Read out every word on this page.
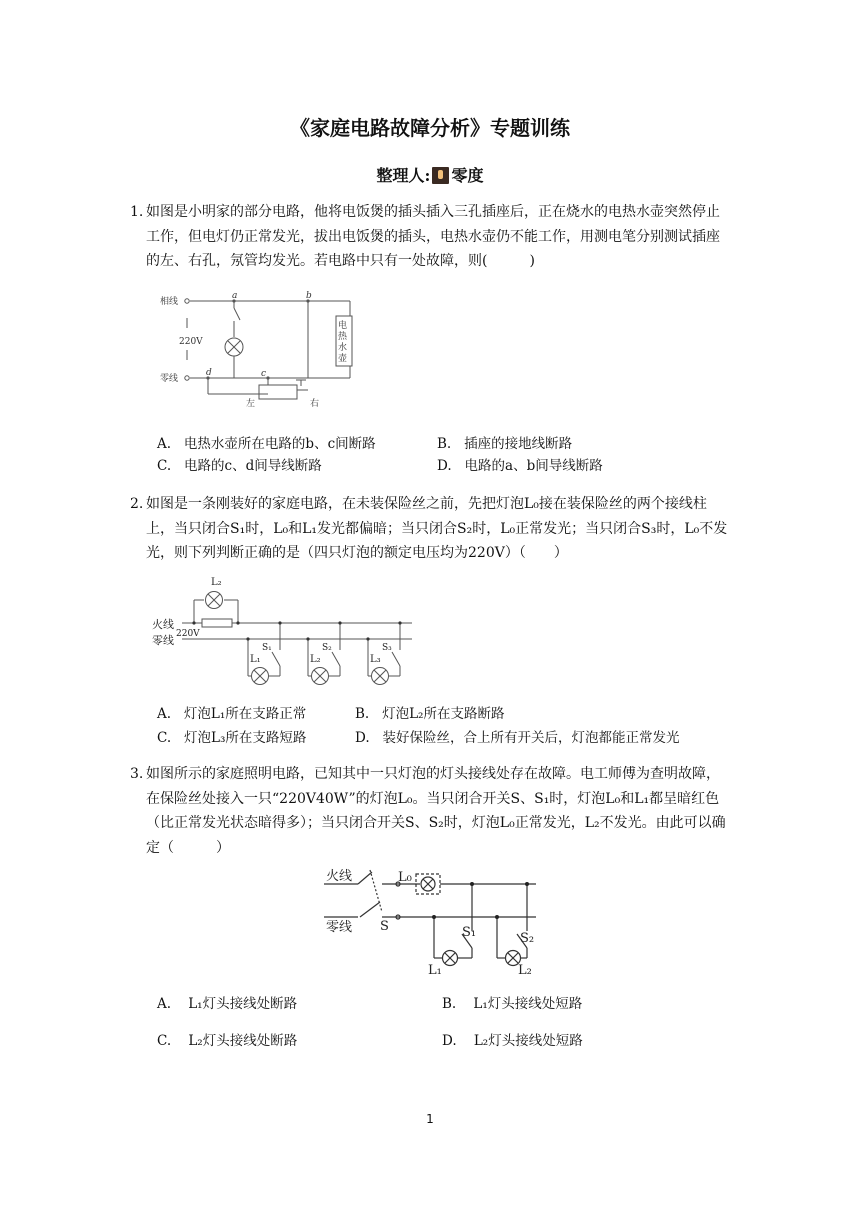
《家庭电路故障分析》专题训练
整理人: 零度
1. 如图是小明家的部分电路，他将电饭煲的插头插入三孔插座后，正在烧水的电热水壶突然停止工作，但电灯仍正常发光，拔出电饭煲的插头，电热水壶仍不能工作，用测电笔分别测试插座的左、右孔，氖管均发光。若电路中只有一处故障，则(　　　)
相线
220V
零线
a	b
c
d
电
热
水
壶
左	右
A. 电热水壶所在电路的b、c间断路	B. 插座的接地线断路
C. 电路的c、d间导线断路	D. 电路的a、b间导线断路
2. 如图是一条刚装好的家庭电路，在未装保险丝之前，先把灯泡L₀接在装保险丝的两个接线柱上，当只闭合S₁时，L₀和L₁发光都偏暗；当只闭合S₂时，L₀正常发光；当只闭合S₃时，L₀不发光，则下列判断正确的是（四只灯泡的额定电压均为220V）（　　）
火线
零线 220V
L₂
L₁	L₂	L₃
S₁	S₂	S₃
A. 灯泡L₁所在支路正常	B. 灯泡L₂所在支路断路
C. 灯泡L₃所在支路短路	D. 装好保险丝，合上所有开关后，灯泡都能正常发光
3. 如图所示的家庭照明电路，已知其中一只灯泡的灯头接线处存在故障。电工师傅为查明故障，在保险丝处接入一只“220V40W”的灯泡L₀。当只闭合开关S、S₁时，灯泡L₀和L₁都呈暗红色（比正常发光状态暗得多）；当只闭合开关S、S₂时，灯泡L₀正常发光，L₂不发光。由此可以确定（　　　）
火线
零线
L₀
S	S₁	S₂
L₁	L₂
A. L₁灯头接线处断路	B. L₁灯头接线处短路
C. L₂灯头接线处断路	D. L₂灯头接线处短路
1
